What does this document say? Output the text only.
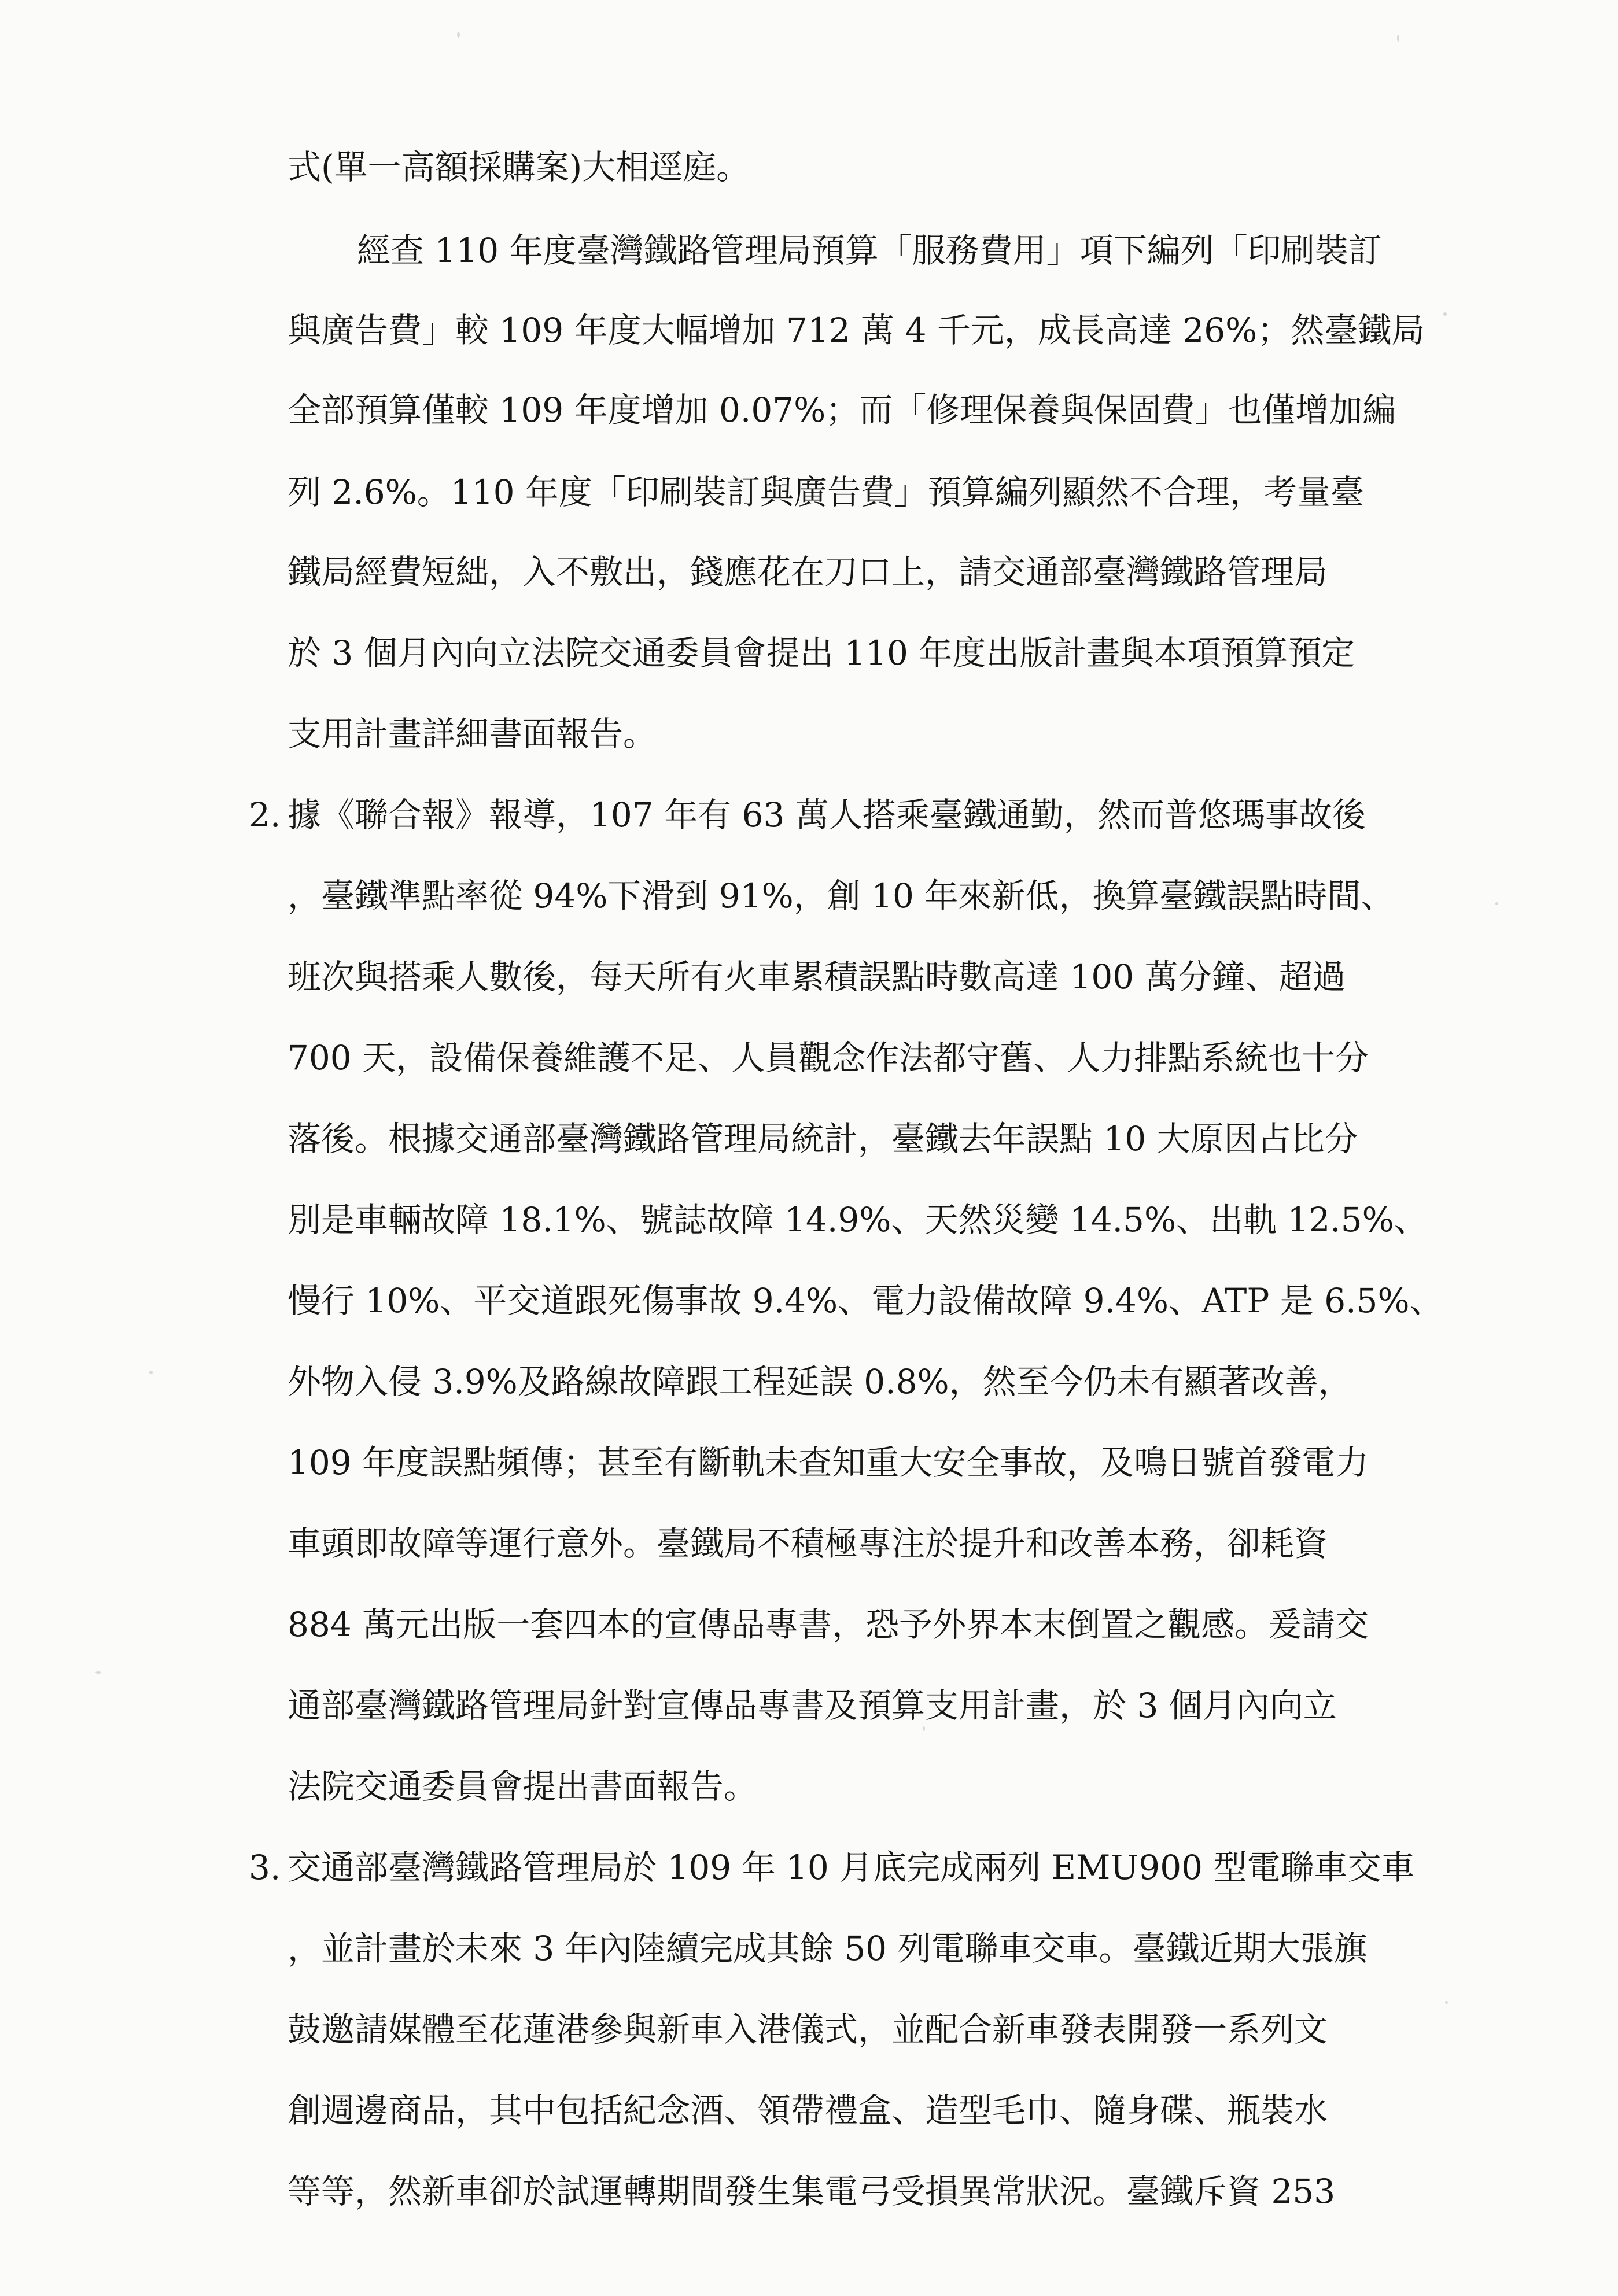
式(單一高額採購案)大相逕庭。
經查 110 年度臺灣鐵路管理局預算「服務費用」項下編列「印刷裝訂
與廣告費」較 109 年度大幅增加 712 萬 4 千元，成長高達 26%；然臺鐵局
全部預算僅較 109 年度增加 0.07%；而「修理保養與保固費」也僅增加編
列 2.6%。110 年度「印刷裝訂與廣告費」預算編列顯然不合理，考量臺
鐵局經費短絀，入不敷出，錢應花在刀口上，請交通部臺灣鐵路管理局
於 3 個月內向立法院交通委員會提出 110 年度出版計畫與本項預算預定
支用計畫詳細書面報告。
2. 據《聯合報》報導，107 年有 63 萬人搭乘臺鐵通勤，然而普悠瑪事故後
，臺鐵準點率從 94%下滑到 91%，創 10 年來新低，換算臺鐵誤點時間、
班次與搭乘人數後，每天所有火車累積誤點時數高達 100 萬分鐘、超過
700 天，設備保養維護不足、人員觀念作法都守舊、人力排點系統也十分
落後。根據交通部臺灣鐵路管理局統計，臺鐵去年誤點 10 大原因占比分
別是車輛故障 18.1%、號誌故障 14.9%、天然災變 14.5%、出軌 12.5%、
慢行 10%、平交道跟死傷事故 9.4%、電力設備故障 9.4%、ATP 是 6.5%、
外物入侵 3.9%及路線故障跟工程延誤 0.8%，然至今仍未有顯著改善，
109 年度誤點頻傳；甚至有斷軌未查知重大安全事故，及鳴日號首發電力
車頭即故障等運行意外。臺鐵局不積極專注於提升和改善本務，卻耗資
884 萬元出版一套四本的宣傳品專書，恐予外界本末倒置之觀感。爰請交
通部臺灣鐵路管理局針對宣傳品專書及預算支用計畫，於 3 個月內向立
法院交通委員會提出書面報告。
3. 交通部臺灣鐵路管理局於 109 年 10 月底完成兩列 EMU900 型電聯車交車
，並計畫於未來 3 年內陸續完成其餘 50 列電聯車交車。臺鐵近期大張旗
鼓邀請媒體至花蓮港參與新車入港儀式，並配合新車發表開發一系列文
創週邊商品，其中包括紀念酒、領帶禮盒、造型毛巾、隨身碟、瓶裝水
等等，然新車卻於試運轉期間發生集電弓受損異常狀況。臺鐵斥資 253
